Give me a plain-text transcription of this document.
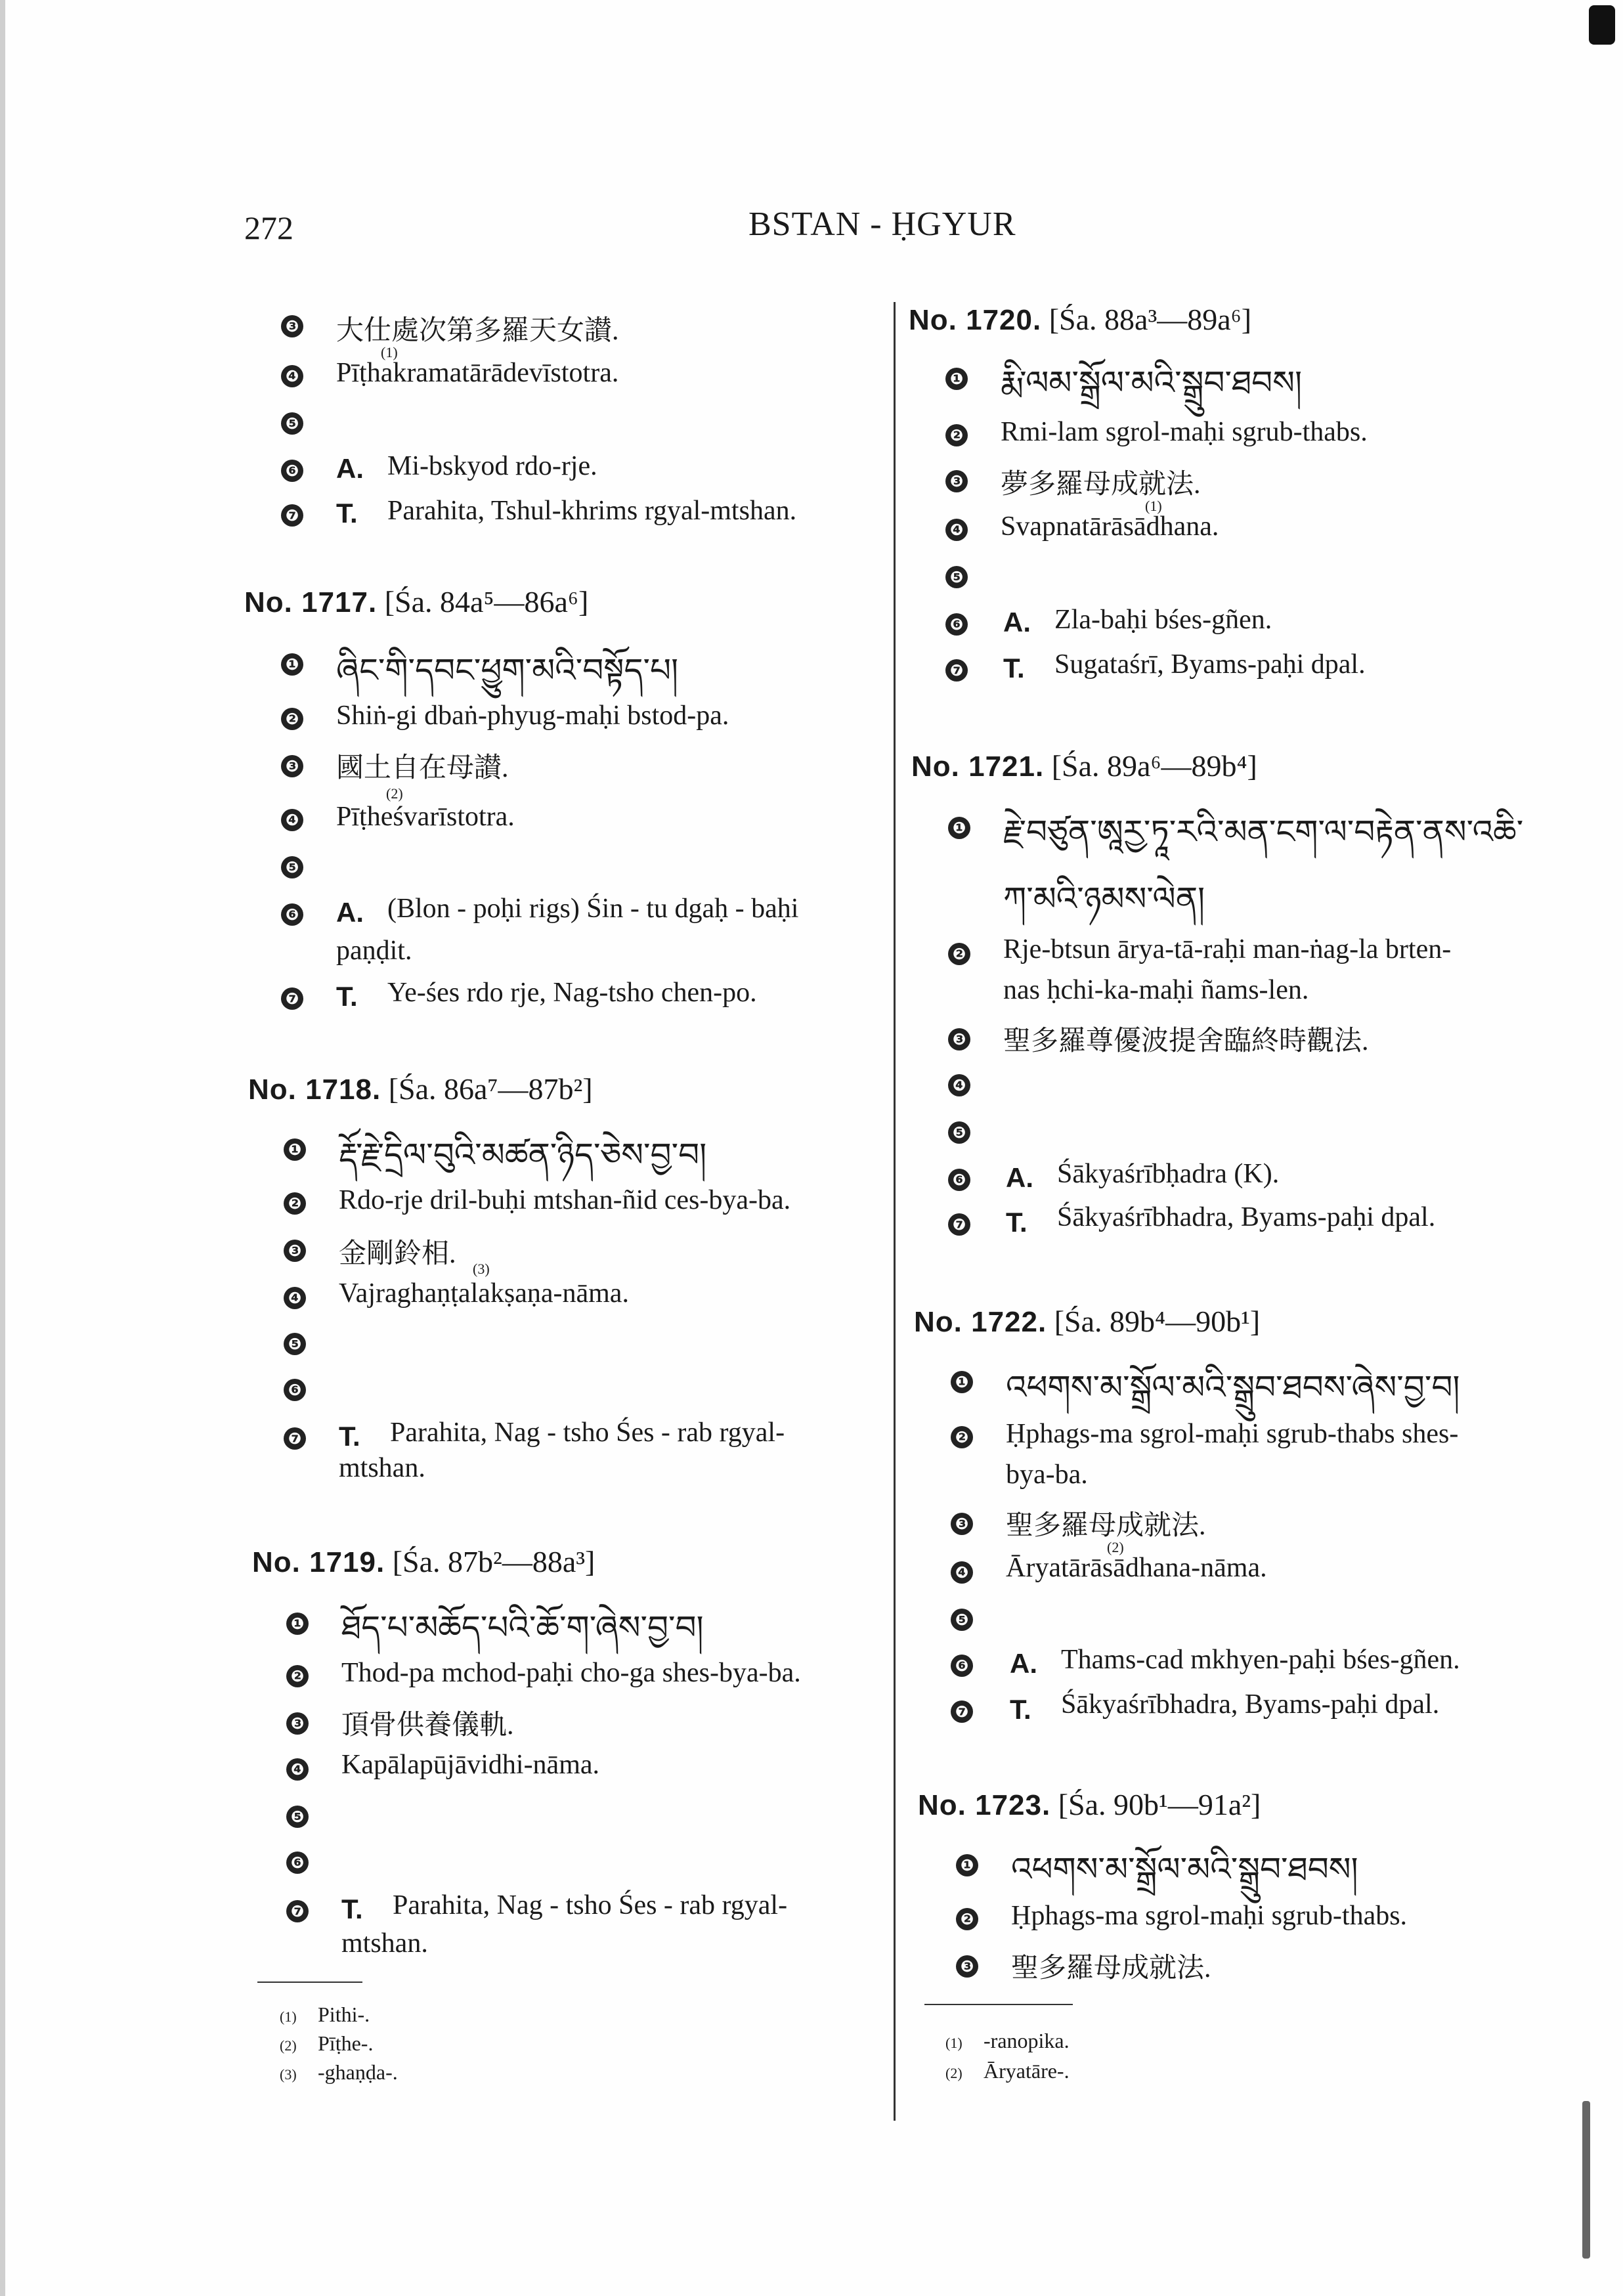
272	BSTAN - ḤGYUR
❸ 大仕處次第多羅天女讃.
(1)
❹ Pīṭhakramatārādevīstotra.
❺
❻ A. Mi-bskyod rdo-rje.
❼ T. Parahita, Tshul-khrims rgyal-mtshan.
No. 1717. [Śa. 84a⁵—86a⁶]
❶ ཞིང་གི་དབང་ཕྱུག་མའི་བསྟོད་པ།
❷ Shiṅ-gi dbaṅ-phyug-maḥi bstod-pa.
❸ 國土自在母讃.
(2)
❹ Pīṭheśvarīstotra.
❺
❻ A. (Blon - poḥi rigs) Śin - tu dgaḥ - baḥi
paṇḍit.
❼ T. Ye-śes rdo rje, Nag-tsho chen-po.
No. 1718. [Śa. 86a⁷—87b²]
❶ རྡོ་རྗེ་དྲིལ་བུའི་མཚན་ཉིད་ཅེས་བྱ་བ།
❷ Rdo-rje dril-buḥi mtshan-ñid ces-bya-ba.
❸ 金剛鈴相. (3)
❹ Vajraghaṇṭalakṣaṇa-nāma.
❺
❻
❼ T. Parahita, Nag - tsho Śes - rab rgyal-
mtshan.
No. 1719. [Śa. 87b²—88a³]
❶ ཐོད་པ་མཆོད་པའི་ཆོ་ག་ཞེས་བྱ་བ།
❷ Thod-pa mchod-paḥi cho-ga shes-bya-ba.
❸ 頂骨供養儀軌.
❹ Kapālapūjāvidhi-nāma.
❺
❻
❼ T. Parahita, Nag - tsho Śes - rab rgyal-
mtshan.
(1) Pithi-.
(2) Pīṭhe-.
(3) -ghaṇḍa-.
No. 1720. [Śa. 88a³—89a⁶]
❶ རྨི་ལམ་སྒྲོལ་མའི་སྒྲུབ་ཐབས།
❷ Rmi-lam sgrol-maḥi sgrub-thabs.
❸ 夢多羅母成就法.
(1)
❹ Svapnatārāsādhana.
❺
❻ A. Zla-baḥi bśes-gñen.
❼ T. Sugataśrī, Byams-paḥi dpal.
No. 1721. [Śa. 89a⁶—89b⁴]
❶ རྗེ་བཙུན་ཨཱརྱ་ཏཱ་རའི་མན་ངག་ལ་བརྟེན་ནས་འཆི་
ཀ་མའི་ཉམས་ལེན།
❷ Rje-btsun ārya-tā-raḥi man-ṅag-la brten-
nas ḥchi-ka-maḥi ñams-len.
❸ 聖多羅尊優波提舍臨終時觀法.
❹
❺
❻ A. Śākyaśrībḥadra (K).
❼ T. Śākyaśrībhadra, Byams-paḥi dpal.
No. 1722. [Śa. 89b⁴—90b¹]
❶ འཕགས་མ་སྒྲོལ་མའི་སྒྲུབ་ཐབས་ཞེས་བྱ་བ།
❷ Ḥphags-ma sgrol-maḥi sgrub-thabs shes-
bya-ba.
❸ 聖多羅母成就法.
(2)
❹ Āryatārāsādhana-nāma.
❺
❻ A. Thams-cad mkhyen-paḥi bśes-gñen.
❼ T. Śākyaśrībhadra, Byams-paḥi dpal.
No. 1723. [Śa. 90b¹—91a²]
❶ འཕགས་མ་སྒྲོལ་མའི་སྒྲུབ་ཐབས།
❷ Ḥphags-ma sgrol-maḥi sgrub-thabs.
❸ 聖多羅母成就法.
(1) -ranopika.
(2) Āryatāre-.
